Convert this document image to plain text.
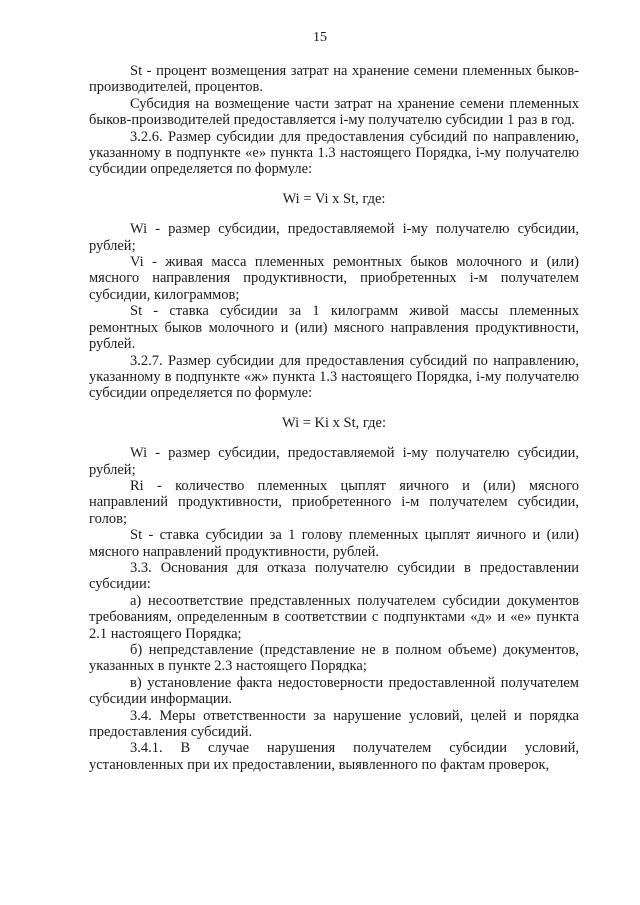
15

St - процент возмещения затрат на хранение семени племенных быков-производителей, процентов.

Субсидия на возмещение части затрат на хранение семени племенных быков-производителей предоставляется i-му получателю субсидии 1 раз в год.

3.2.6. Размер субсидии для предоставления субсидий по направлению, указанному в подпункте «е» пункта 1.3 настоящего Порядка, i-му получателю субсидии определяется по формуле:

Wi = Vi x St, где:

Wi - размер субсидии, предоставляемой i-му получателю субсидии, рублей;

Vi - живая масса племенных ремонтных быков молочного и (или) мясного направления продуктивности, приобретенных i-м получателем субсидии, килограммов;

St - ставка субсидии за 1 килограмм живой массы племенных ремонтных быков молочного и (или) мясного направления продуктивности, рублей.

3.2.7. Размер субсидии для предоставления субсидий по направлению, указанному в подпункте «ж» пункта 1.3 настоящего Порядка, i-му получателю субсидии определяется по формуле:

Wi = Ki x St, где:

Wi - размер субсидии, предоставляемой i-му получателю субсидии, рублей;

Ri - количество племенных цыплят яичного и (или) мясного направлений продуктивности, приобретенного i-м получателем субсидии, голов;

St - ставка субсидии за 1 голову племенных цыплят яичного и (или) мясного направлений продуктивности, рублей.

3.3. Основания для отказа получателю субсидии в предоставлении субсидии:

а) несоответствие представленных получателем субсидии документов требованиям, определенным в соответствии с подпунктами «д» и «е» пункта 2.1 настоящего Порядка;

б) непредставление (представление не в полном объеме) документов, указанных в пункте 2.3 настоящего Порядка;

в) установление факта недостоверности предоставленной получателем субсидии информации.

3.4. Меры ответственности за нарушение условий, целей и порядка предоставления субсидий.

3.4.1. В случае нарушения получателем субсидии условий, установленных при их предоставлении, выявленного по фактам проверок,
